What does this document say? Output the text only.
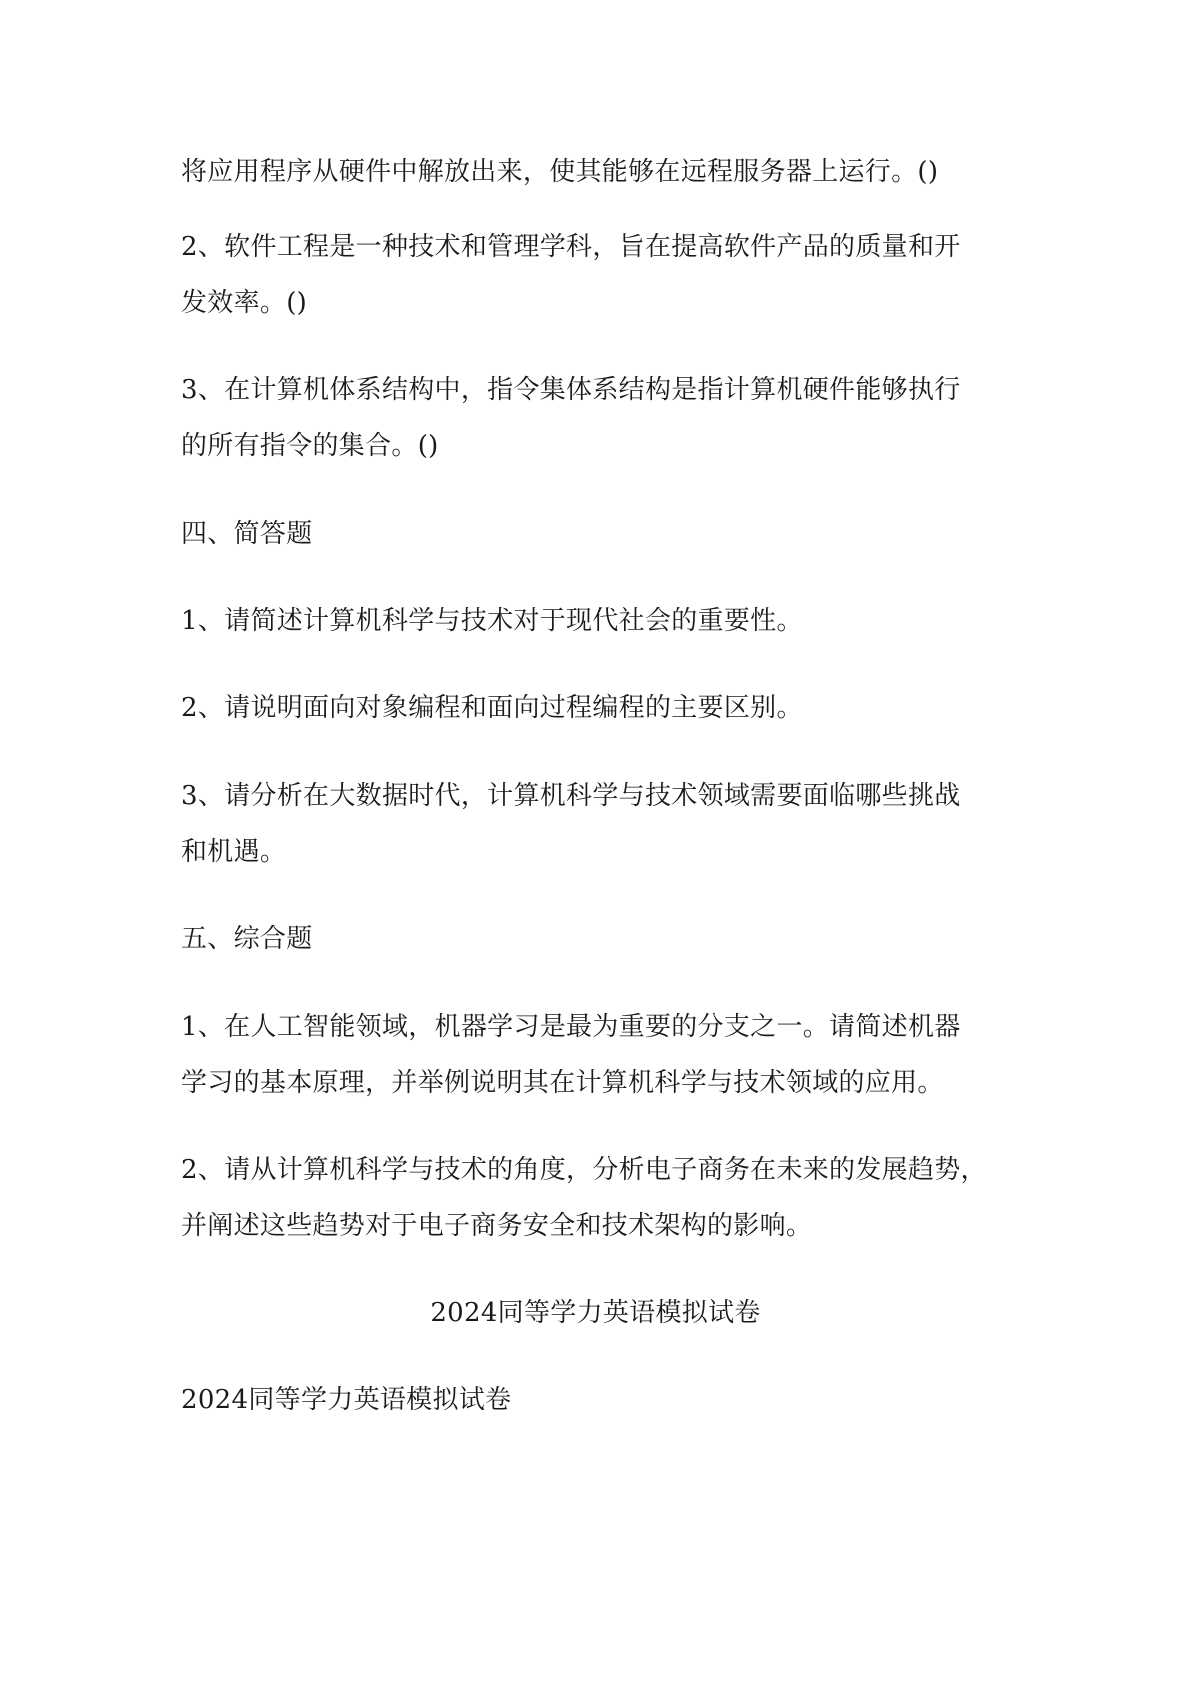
将应用程序从硬件中解放出来，使其能够在远程服务器上运行。()
2、软件工程是一种技术和管理学科，旨在提高软件产品的质量和开
发效率。()
3、在计算机体系结构中，指令集体系结构是指计算机硬件能够执行
的所有指令的集合。()
四、简答题
1、请简述计算机科学与技术对于现代社会的重要性。
2、请说明面向对象编程和面向过程编程的主要区别。
3、请分析在大数据时代，计算机科学与技术领域需要面临哪些挑战
和机遇。
五、综合题
1、在人工智能领域，机器学习是最为重要的分支之一。请简述机器
学习的基本原理，并举例说明其在计算机科学与技术领域的应用。
2、请从计算机科学与技术的角度，分析电子商务在未来的发展趋势，
并阐述这些趋势对于电子商务安全和技术架构的影响。
2024同等学力英语模拟试卷
2024同等学力英语模拟试卷
